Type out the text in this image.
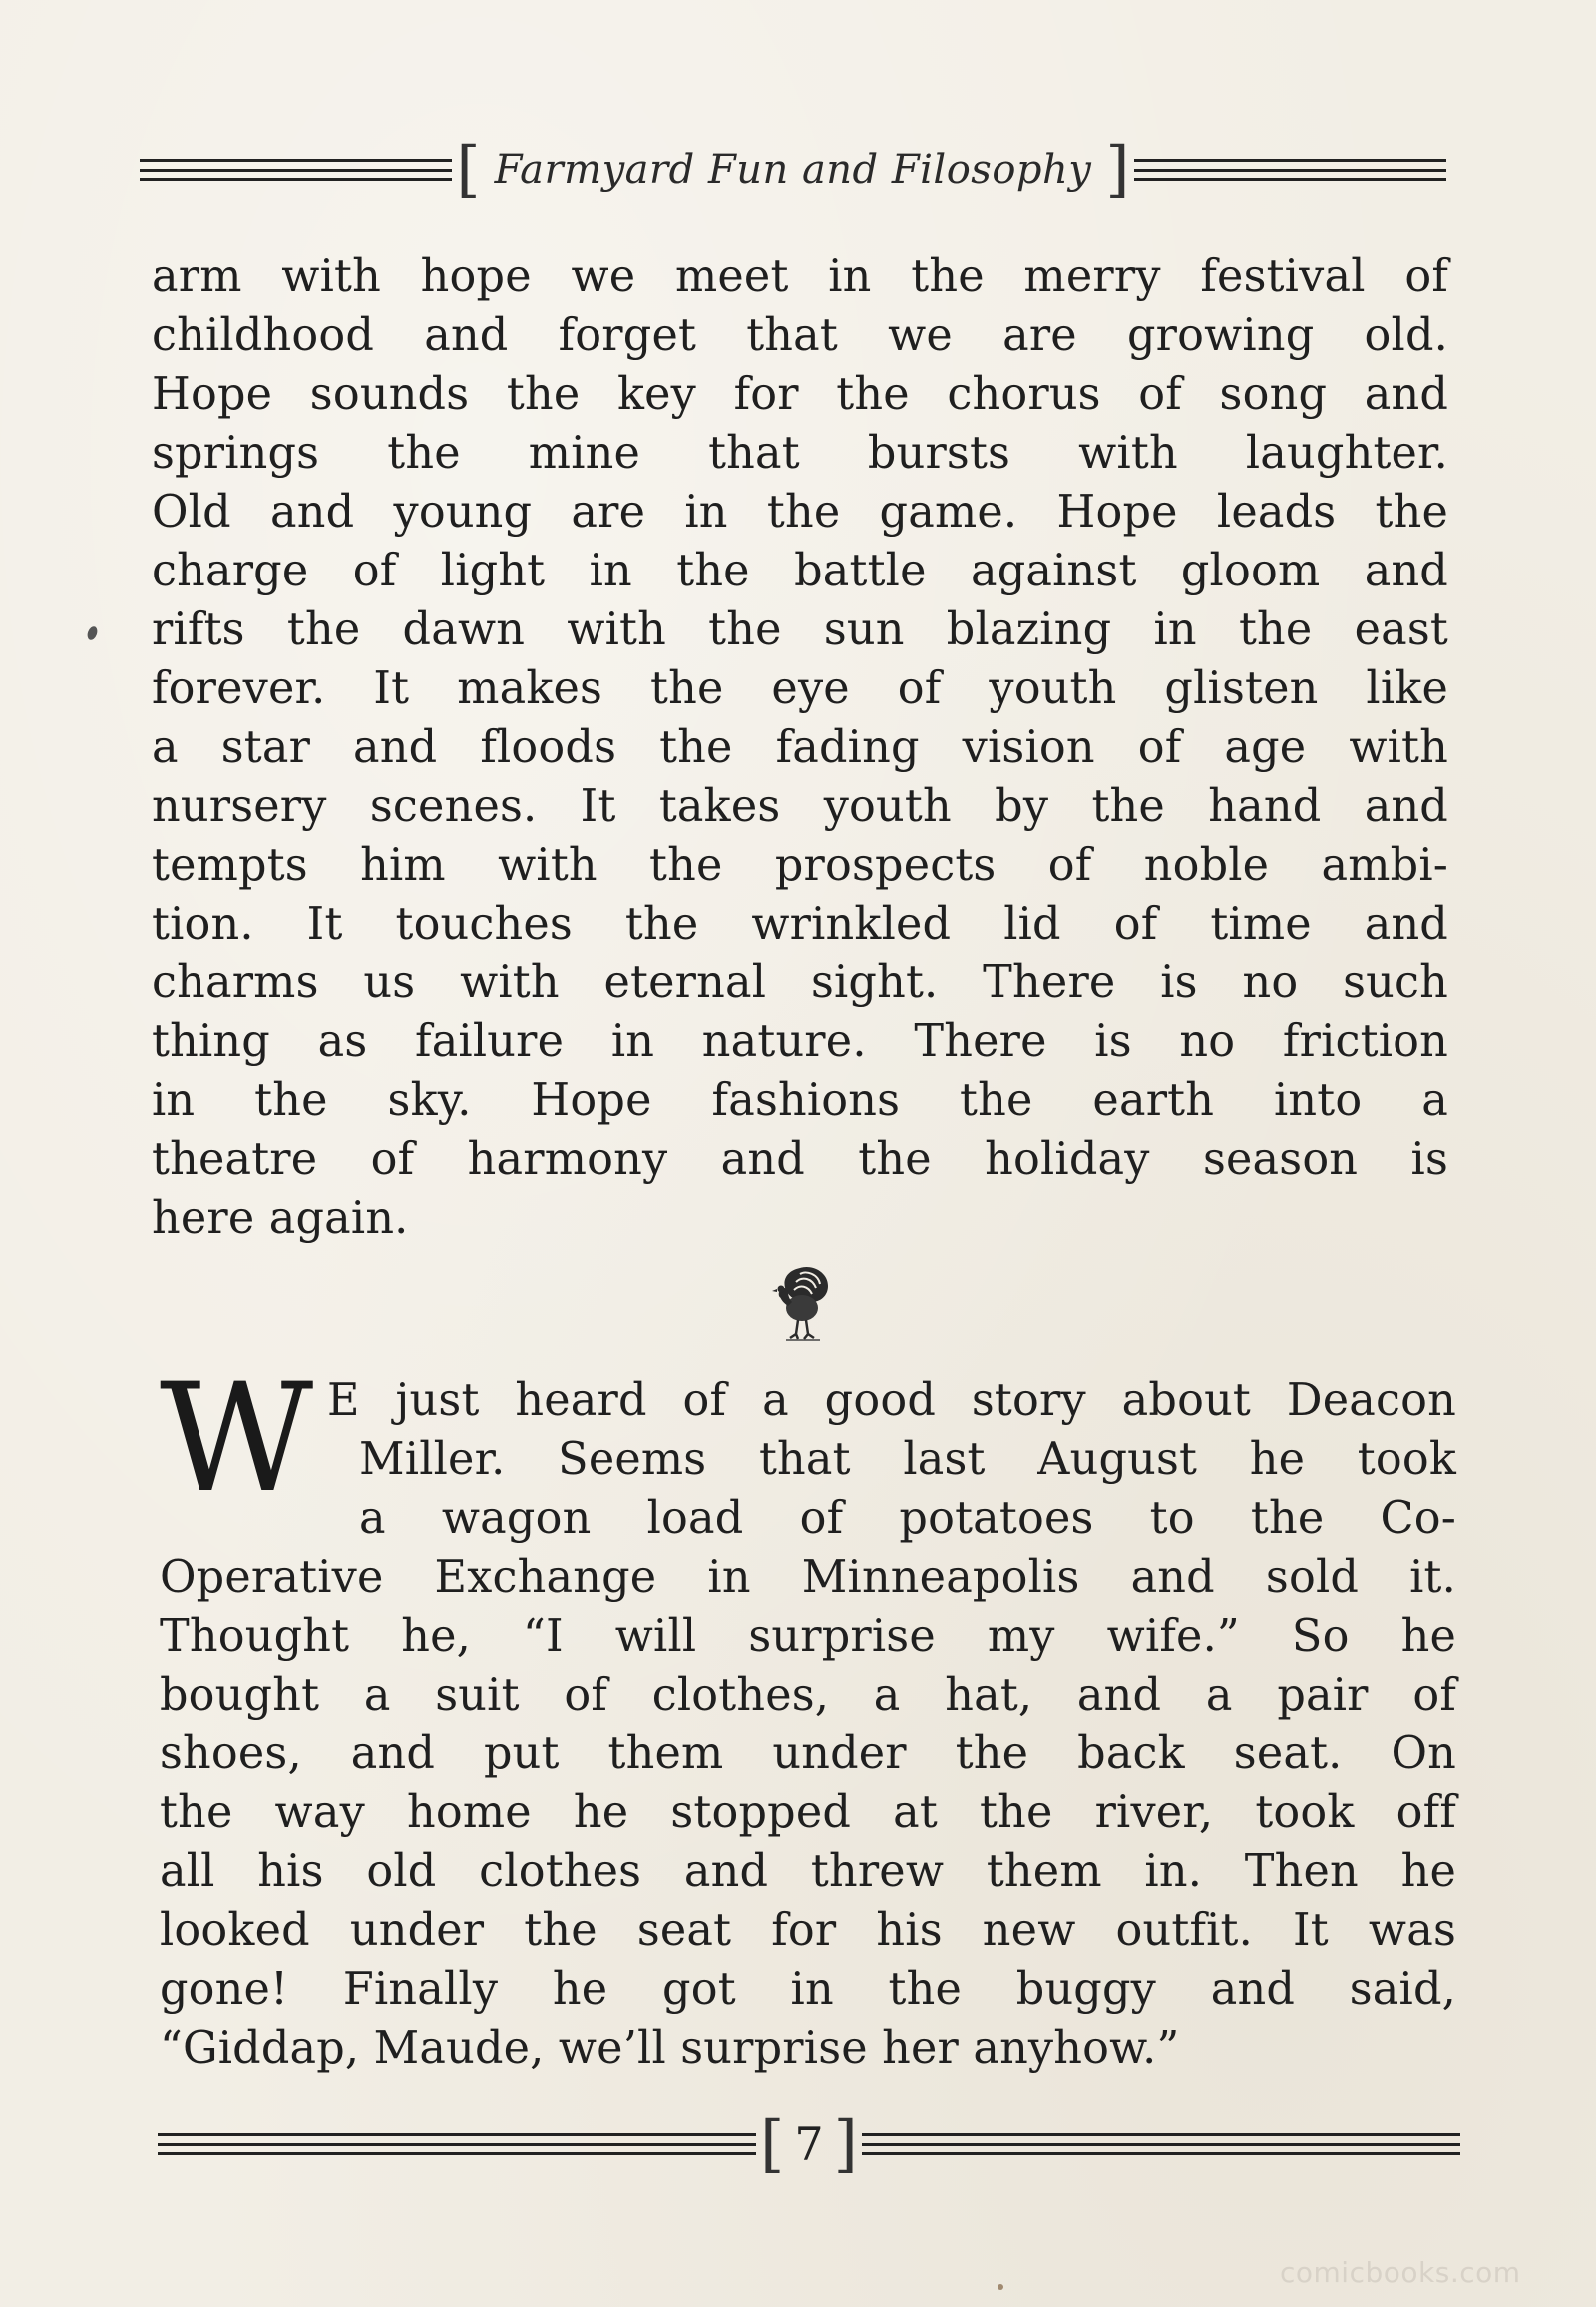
[ Farmyard Fun and Filosophy ]
arm with hope we meet in the merry festival of
childhood and forget that we are growing old.
Hope sounds the key for the chorus of song and
springs the mine that bursts with laughter.
Old and young are in the game. Hope leads the
charge of light in the battle against gloom and
rifts the dawn with the sun blazing in the east
forever. It makes the eye of youth glisten like
a star and floods the fading vision of age with
nursery scenes. It takes youth by the hand and
tempts him with the prospects of noble ambi-
tion. It touches the wrinkled lid of time and
charms us with eternal sight. There is no such
thing as failure in nature. There is no friction
in the sky. Hope fashions the earth into a
theatre of harmony and the holiday season is
here again.
W E just heard of a good story about Deacon
Miller. Seems that last August he took
a wagon load of potatoes to the Co-
Operative Exchange in Minneapolis and sold it.
Thought he, “I will surprise my wife.” So he
bought a suit of clothes, a hat, and a pair of
shoes, and put them under the back seat. On
the way home he stopped at the river, took off
all his old clothes and threw them in. Then he
looked under the seat for his new outfit. It was
gone! Finally he got in the buggy and said,
“Giddap, Maude, we’ll surprise her anyhow.”
[ 7 ]
comicbooks.com
